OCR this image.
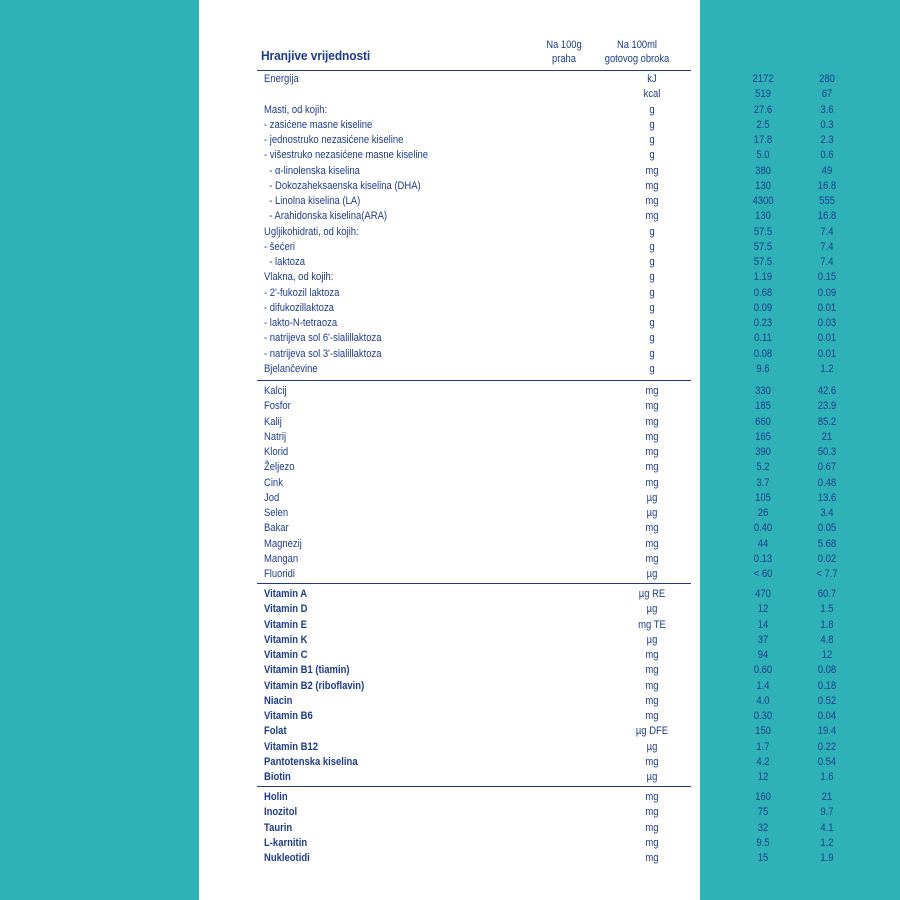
Hranjive vrijednosti
Na 100g
praha
Na 100ml
gotovog obroka
Energija	kJ	2172	280
kcal	519	67
Masti, od kojih:	g	27.6	3.6
- zasićene masne kiseline	g	2.5	0.3
- jednostruko nezasićene kiseline	g	17.8	2.3
- višestruko nezasićene masne kiseline	g	5.0	0.6
- α-linolenska kiselina	mg	380	49
- Dokozaheksaenska kiselina (DHA)	mg	130	16.8
- Linolna kiselina (LA)	mg	4300	555
- Arahidonska kiselina(ARA)	mg	130	16.8
Ugljikohidrati, od kojih:	g	57.5	7.4
- šećeri	g	57.5	7.4
- laktoza	g	57.5	7.4
Vlakna, od kojih:	g	1.19	0.15
- 2'-fukozil laktoza	g	0.68	0.09
- difukozillaktoza	g	0.09	0.01
- lakto-N-tetraoza	g	0.23	0.03
- natrijeva sol 6'-sialillaktoza	g	0.11	0.01
- natrijeva sol 3'-sialillaktoza	g	0.08	0.01
Bjelančevine	g	9.6	1.2
Kalcij	mg	330	42.6
Fosfor	mg	185	23.9
Kalij	mg	660	85.2
Natrij	mg	165	21
Klorid	mg	390	50.3
Željezo	mg	5.2	0.67
Cink	mg	3.7	0.48
Jod	µg	105	13.6
Selen	µg	26	3.4
Bakar	mg	0.40	0.05
Magnezij	mg	44	5.68
Mangan	mg	0.13	0.02
Fluoridi	µg	< 60	< 7.7
Vitamin A	µg RE	470	60.7
Vitamin D	µg	12	1.5
Vitamin E	mg TE	14	1.8
Vitamin K	µg	37	4.8
Vitamin C	mg	94	12
Vitamin B1 (tiamin)	mg	0.60	0.08
Vitamin B2 (riboflavin)	mg	1.4	0.18
Niacin	mg	4.0	0.52
Vitamin B6	mg	0.30	0.04
Folat	µg DFE	150	19.4
Vitamin B12	µg	1.7	0.22
Pantotenska kiselina	mg	4.2	0.54
Biotin	µg	12	1.6
Holin	mg	160	21
Inozitol	mg	75	9.7
Taurin	mg	32	4.1
L-karnitin	mg	9.5	1.2
Nukleotidi	mg	15	1.9
